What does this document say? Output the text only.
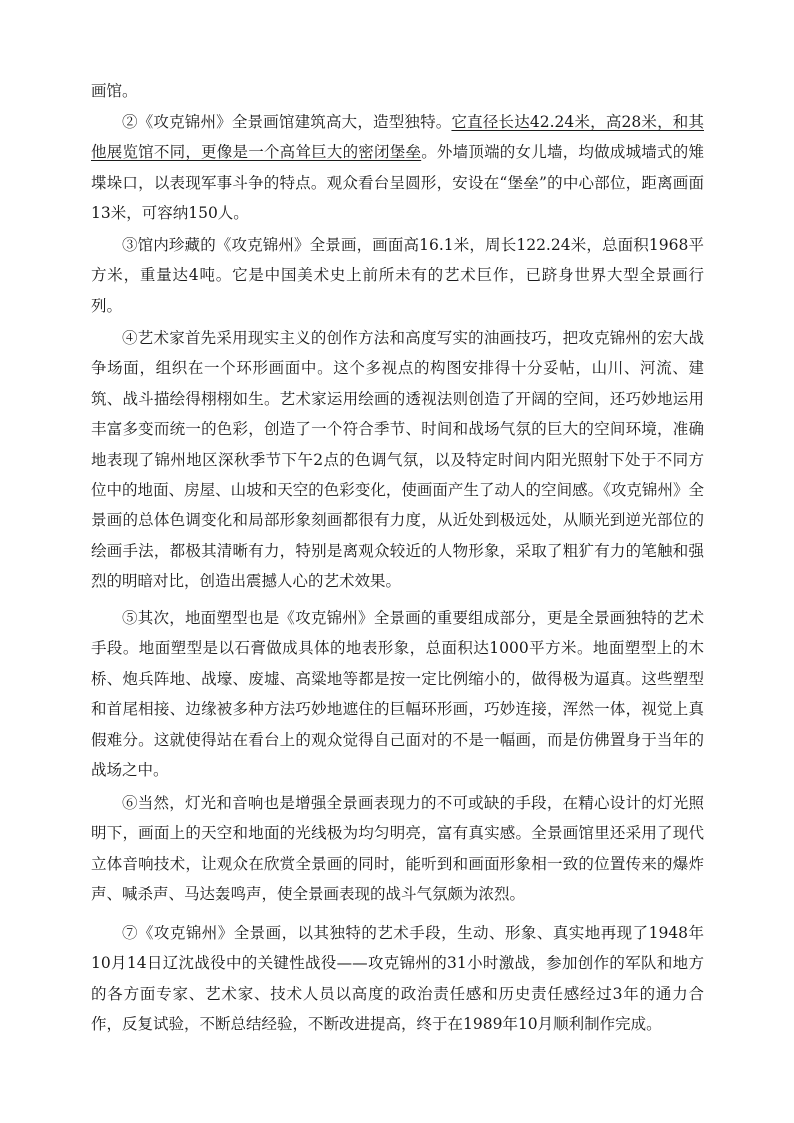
画馆。

②《攻克锦州》全景画馆建筑高大，造型独特。它直径长达42.24米，高28米，和其他展览馆不同，更像是一个高耸巨大的密闭堡垒。外墙顶端的女儿墙，均做成城墙式的雉堞垛口，以表现军事斗争的特点。观众看台呈圆形，安设在“堡垒”的中心部位，距离画面13米，可容纳150人。

③馆内珍藏的《攻克锦州》全景画，画面高16.1米，周长122.24米，总面积1968平方米，重量达4吨。它是中国美术史上前所未有的艺术巨作，已跻身世界大型全景画行列。

④艺术家首先采用现实主义的创作方法和高度写实的油画技巧，把攻克锦州的宏大战争场面，组织在一个环形画面中。这个多视点的构图安排得十分妥帖，山川、河流、建筑、战斗描绘得栩栩如生。艺术家运用绘画的透视法则创造了开阔的空间，还巧妙地运用丰富多变而统一的色彩，创造了一个符合季节、时间和战场气氛的巨大的空间环境，准确地表现了锦州地区深秋季节下午2点的色调气氛，以及特定时间内阳光照射下处于不同方位中的地面、房屋、山坡和天空的色彩变化，使画面产生了动人的空间感。《攻克锦州》全景画的总体色调变化和局部形象刻画都很有力度，从近处到极远处，从顺光到逆光部位的绘画手法，都极其清晰有力，特别是离观众较近的人物形象，采取了粗犷有力的笔触和强烈的明暗对比，创造出震撼人心的艺术效果。

⑤其次，地面塑型也是《攻克锦州》全景画的重要组成部分，更是全景画独特的艺术手段。地面塑型是以石膏做成具体的地表形象，总面积达1000平方米。地面塑型上的木桥、炮兵阵地、战壕、废墟、高粱地等都是按一定比例缩小的，做得极为逼真。这些塑型和首尾相接、边缘被多种方法巧妙地遮住的巨幅环形画，巧妙连接，浑然一体，视觉上真假难分。这就使得站在看台上的观众觉得自己面对的不是一幅画，而是仿佛置身于当年的战场之中。

⑥当然，灯光和音响也是增强全景画表现力的不可或缺的手段，在精心设计的灯光照明下，画面上的天空和地面的光线极为均匀明亮，富有真实感。全景画馆里还采用了现代立体音响技术，让观众在欣赏全景画的同时，能听到和画面形象相一致的位置传来的爆炸声、喊杀声、马达轰鸣声，使全景画表现的战斗气氛颇为浓烈。

⑦《攻克锦州》全景画，以其独特的艺术手段，生动、形象、真实地再现了1948年10月14日辽沈战役中的关键性战役——攻克锦州的31小时激战，参加创作的军队和地方的各方面专家、艺术家、技术人员以高度的政治责任感和历史责任感经过3年的通力合作，反复试验，不断总结经验，不断改进提高，终于在1989年10月顺利制作完成。
